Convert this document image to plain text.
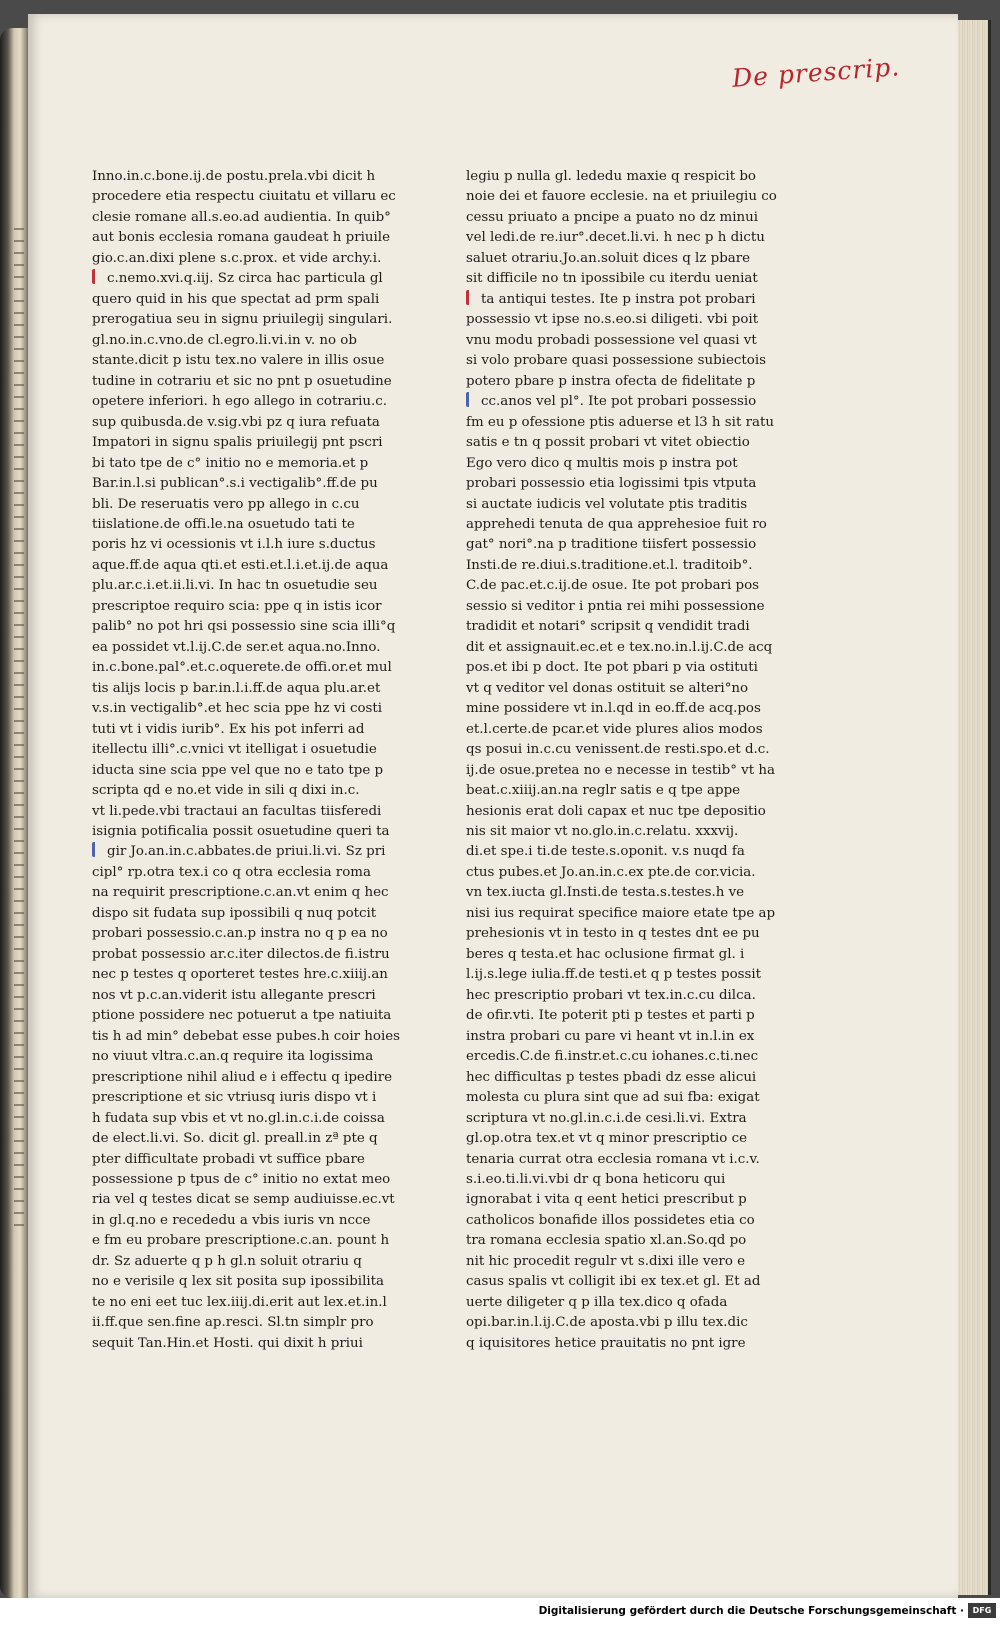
De prescrip.
Inno.in.c.bone.ij.de postu.prela.vbi dicit h
procedere etia respectu ciuitatu et villaru ec
clesie romane all.s.eo.ad audientia. In quib°
aut bonis ecclesia romana gaudeat h priuile
gio.c.an.dixi plene s.c.prox. et vide archy.i.
c.nemo.xvi.q.iij. Sz circa hac particula gl
quero quid in his que spectat ad prm spali
prerogatiua seu in signu priuilegij singulari.
gl.no.in.c.vno.de cl.egro.li.vi.in v. no ob
stante.dicit p istu tex.no valere in illis osue
tudine in cotrariu et sic no pnt p osuetudine
opetere inferiori. h ego allego in cotrariu.c.
sup quibusda.de v.sig.vbi pz q iura refuata
Impatori in signu spalis priuilegij pnt pscri
bi tato tpe de c° initio no e memoria.et p
Bar.in.l.si publican°.s.i vectigalib°.ff.de pu
bli. De reseruatis vero pp allego in c.cu
tiislatione.de offi.le.na osuetudo tati te
poris hz vi ocessionis vt i.l.h iure s.ductus
aque.ff.de aqua qti.et esti.et.l.i.et.ij.de aqua
plu.ar.c.i.et.ii.li.vi. In hac tn osuetudie seu
prescriptoe requiro scia: ppe q in istis icor
palib° no pot hri qsi possessio sine scia illi°q
ea possidet vt.l.ij.C.de ser.et aqua.no.Inno.
in.c.bone.pal°.et.c.oquerete.de offi.or.et mul
tis alijs locis p bar.in.l.i.ff.de aqua plu.ar.et
v.s.in vectigalib°.et hec scia ppe hz vi costi
tuti vt i vidis iurib°. Ex his pot inferri ad
itellectu illi°.c.vnici vt itelligat i osuetudie
iducta sine scia ppe vel que no e tato tpe p
scripta qd e no.et vide in sili q dixi in.c.
vt li.pede.vbi tractaui an facultas tiisferedi
isignia potificalia possit osuetudine queri ta
gir Jo.an.in.c.abbates.de priui.li.vi. Sz pri
cipl° rp.otra tex.i co q otra ecclesia roma
na requirit prescriptione.c.an.vt enim q hec
dispo sit fudata sup ipossibili q nuq potcit
probari possessio.c.an.p instra no q p ea no
probat possessio ar.c.iter dilectos.de fi.istru
nec p testes q oporteret testes hre.c.xiiij.an
nos vt p.c.an.viderit istu allegante prescri
ptione possidere nec potuerut a tpe natiuita
tis h ad min° debebat esse pubes.h coir hoies
no viuut vltra.c.an.q require ita logissima
prescriptione nihil aliud e i effectu q ipedire
prescriptione et sic vtriusq iuris dispo vt i
h fudata sup vbis et vt no.gl.in.c.i.de coissa
de elect.li.vi. So. dicit gl. preall.in zª pte q
pter difficultate probadi vt suffice pbare
possessione p tpus de c° initio no extat meo
ria vel q testes dicat se semp audiuisse.ec.vt
in gl.q.no e recededu a vbis iuris vn ncce
e fm eu probare prescriptione.c.an. pount h
dr. Sz aduerte q p h gl.n soluit otrariu q
no e verisile q lex sit posita sup ipossibilita
te no eni eet tuc lex.iiij.di.erit aut lex.et.in.l
ii.ff.que sen.fine ap.resci. Sl.tn simplr pro
sequit Tan.Hin.et Hosti. qui dixit h priui
legiu p nulla gl. lededu maxie q respicit bo
noie dei et fauore ecclesie. na et priuilegiu co
cessu priuato a pncipe a puato no dz minui
vel ledi.de re.iur°.decet.li.vi. h nec p h dictu
saluet otrariu.Jo.an.soluit dices q lz pbare
sit difficile no tn ipossibile cu iterdu ueniat
ta antiqui testes. Ite p instra pot probari
possessio vt ipse no.s.eo.si diligeti. vbi poit
vnu modu probadi possessione vel quasi vt
si volo probare quasi possessione subiectois
potero pbare p instra ofecta de fidelitate p
cc.anos vel pl°. Ite pot probari possessio
fm eu p ofessione ptis aduerse et l3 h sit ratu
satis e tn q possit probari vt vitet obiectio
Ego vero dico q multis mois p instra pot
probari possessio etia logissimi tpis vtputa
si auctate iudicis vel volutate ptis traditis
apprehedi tenuta de qua apprehesioe fuit ro
gat° nori°.na p traditione tiisfert possessio
Insti.de re.diui.s.traditione.et.l. traditoib°.
C.de pac.et.c.ij.de osue. Ite pot probari pos
sessio si veditor i pntia rei mihi possessione
tradidit et notari° scripsit q vendidit tradi
dit et assignauit.ec.et e tex.no.in.l.ij.C.de acq
pos.et ibi p doct. Ite pot pbari p via ostituti
vt q veditor vel donas ostituit se alteri°no
mine possidere vt in.l.qd in eo.ff.de acq.pos
et.l.certe.de pcar.et vide plures alios modos
qs posui in.c.cu venissent.de resti.spo.et d.c.
ij.de osue.pretea no e necesse in testib° vt ha
beat.c.xiiij.an.na reglr satis e q tpe appe
hesionis erat doli capax et nuc tpe depositio
nis sit maior vt no.glo.in.c.relatu. xxxvij.
di.et spe.i ti.de teste.s.oponit. v.s nuqd fa
ctus pubes.et Jo.an.in.c.ex pte.de cor.vicia.
vn tex.iucta gl.Insti.de testa.s.testes.h ve
nisi ius requirat specifice maiore etate tpe ap
prehesionis vt in testo in q testes dnt ee pu
beres q testa.et hac oclusione firmat gl. i
l.ij.s.lege iulia.ff.de testi.et q p testes possit
hec prescriptio probari vt tex.in.c.cu dilca.
de ofir.vti. Ite poterit pti p testes et parti p
instra probari cu pare vi heant vt in.l.in ex
ercedis.C.de fi.instr.et.c.cu iohanes.c.ti.nec
hec difficultas p testes pbadi dz esse alicui
molesta cu plura sint que ad sui fba: exigat
scriptura vt no.gl.in.c.i.de cesi.li.vi. Extra
gl.op.otra tex.et vt q minor prescriptio ce
tenaria currat otra ecclesia romana vt i.c.v.
s.i.eo.ti.li.vi.vbi dr q bona heticoru qui
ignorabat i vita q eent hetici prescribut p
catholicos bonafide illos possidetes etia co
tra romana ecclesia spatio xl.an.So.qd po
nit hic procedit regulr vt s.dixi ille vero e
casus spalis vt colligit ibi ex tex.et gl. Et ad
uerte diligeter q p illa tex.dico q ofada
opi.bar.in.l.ij.C.de aposta.vbi p illu tex.dic
q iquisitores hetice prauitatis no pnt igre
Digitalisierung gefördert durch die Deutsche Forschungsgemeinschaft ·	DFG
